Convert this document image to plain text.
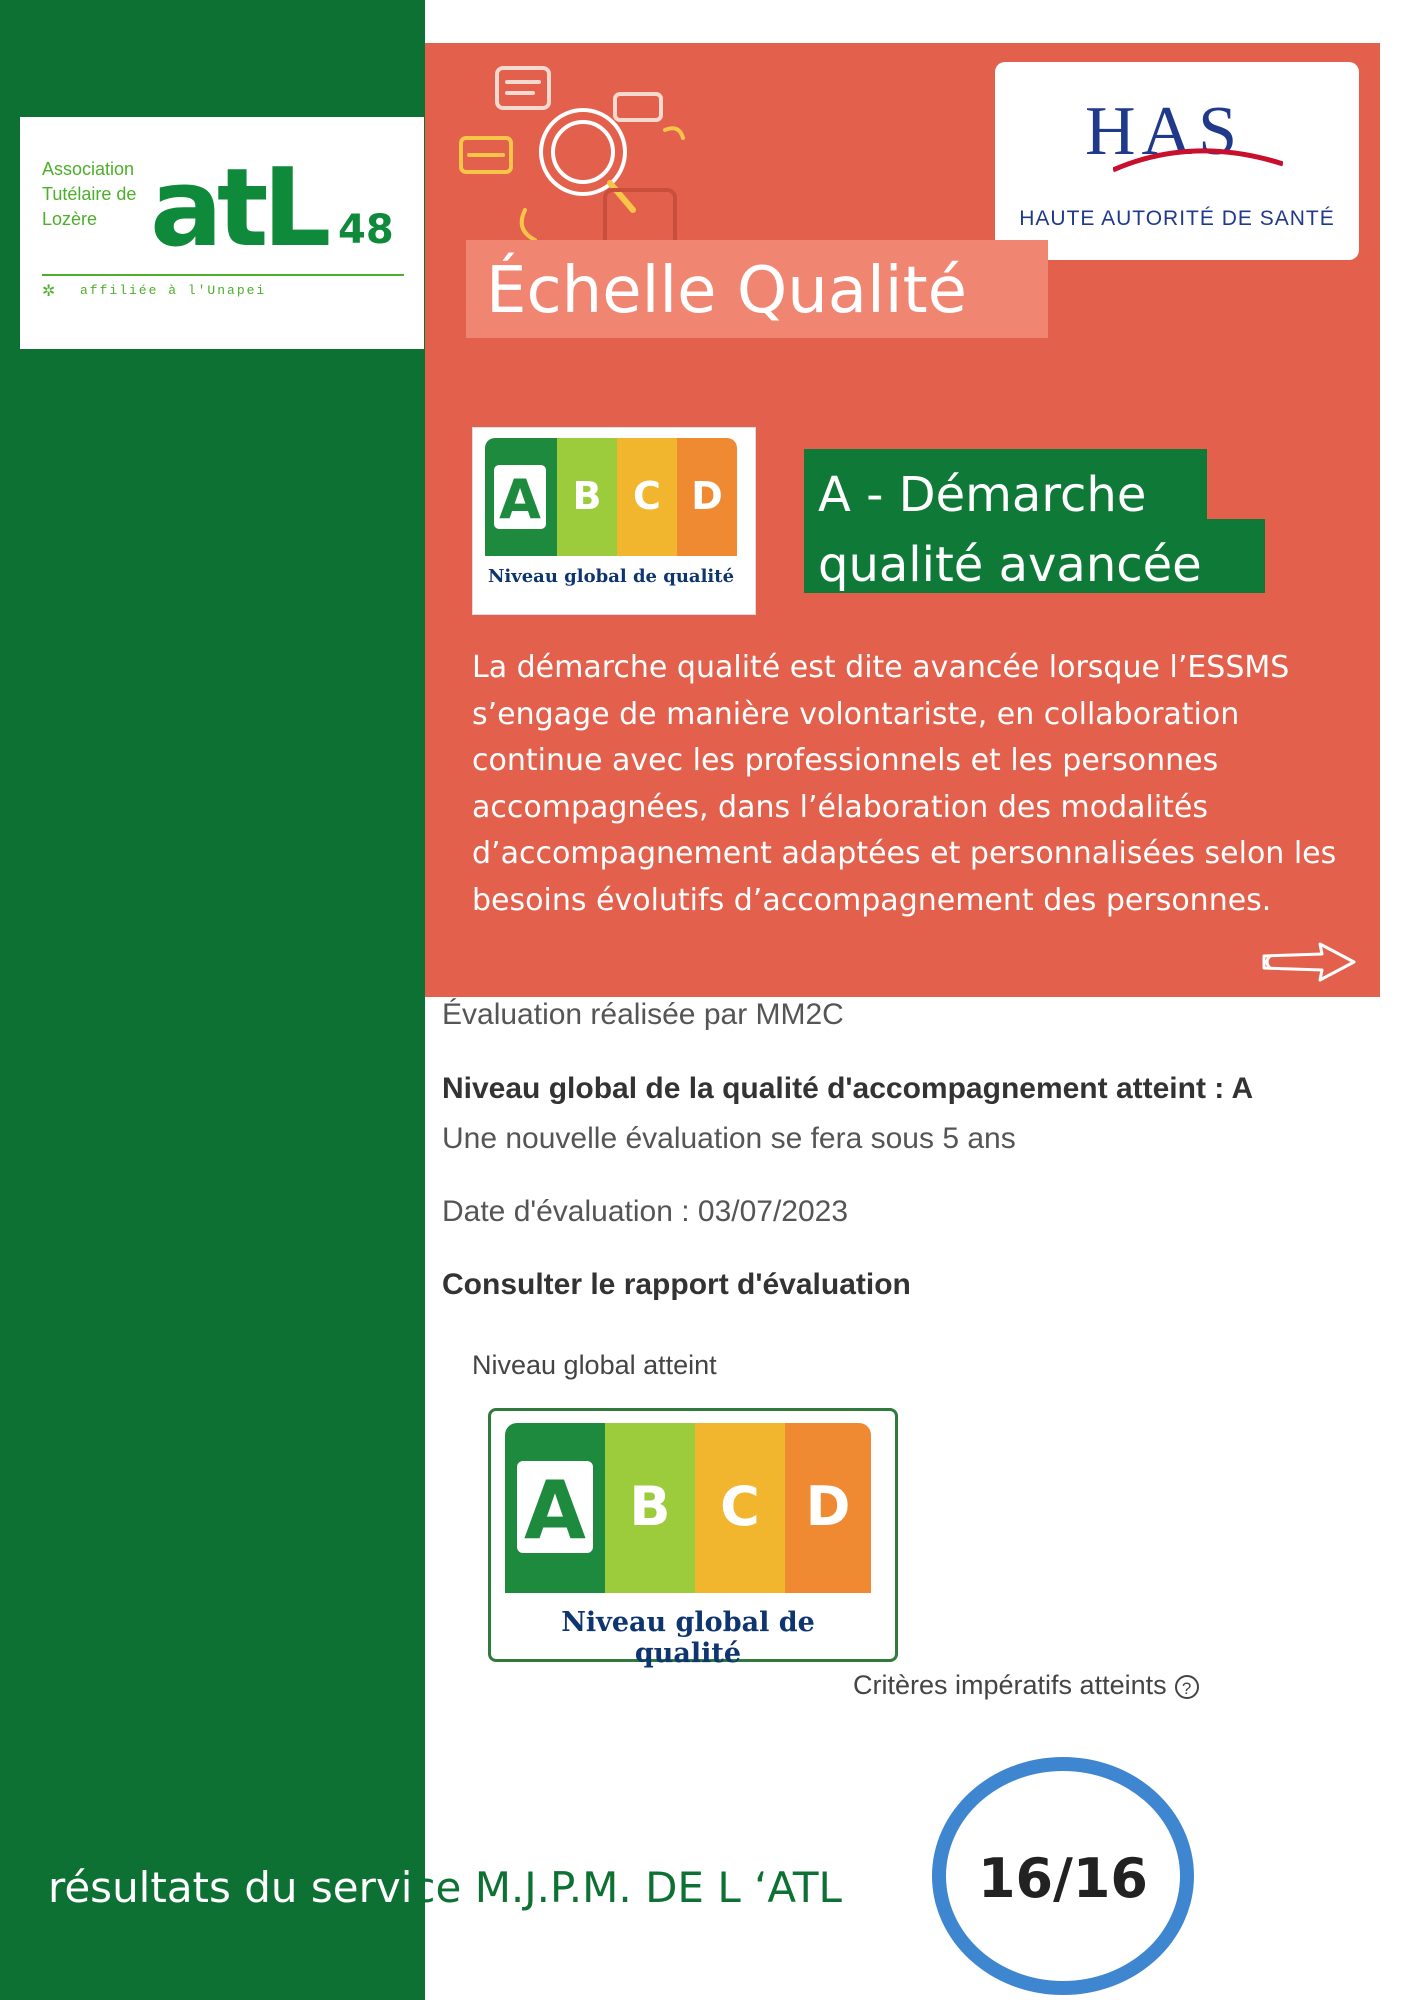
Association
Tutélaire de
Lozère atL 48
✲	affiliée à l'Unapei
HAS
HAUTE AUTORITÉ DE SANTÉ
Échelle Qualité
A B C D
Niveau global de qualité
A - Démarche
qualité avancée
La démarche qualité est dite avancée lorsque l’ESSMS s’engage de manière volontariste, en collaboration continue avec les professionnels et les personnes accompagnées, dans l’élaboration des modalités d’accompagnement adaptées et personnalisées selon les besoins évolutifs d’accompagnement des personnes.
Évaluation réalisée par MM2C
Niveau global de la qualité d'accompagnement atteint : A
Une nouvelle évaluation se fera sous 5 ans
Date d'évaluation : 03/07/2023
Consulter le rapport d'évaluation
Niveau global atteint
A B C D
Niveau global de qualité
Critères impératifs atteints ?
16/16
résultats du service M.J.P.M. DE L ‘ATL
